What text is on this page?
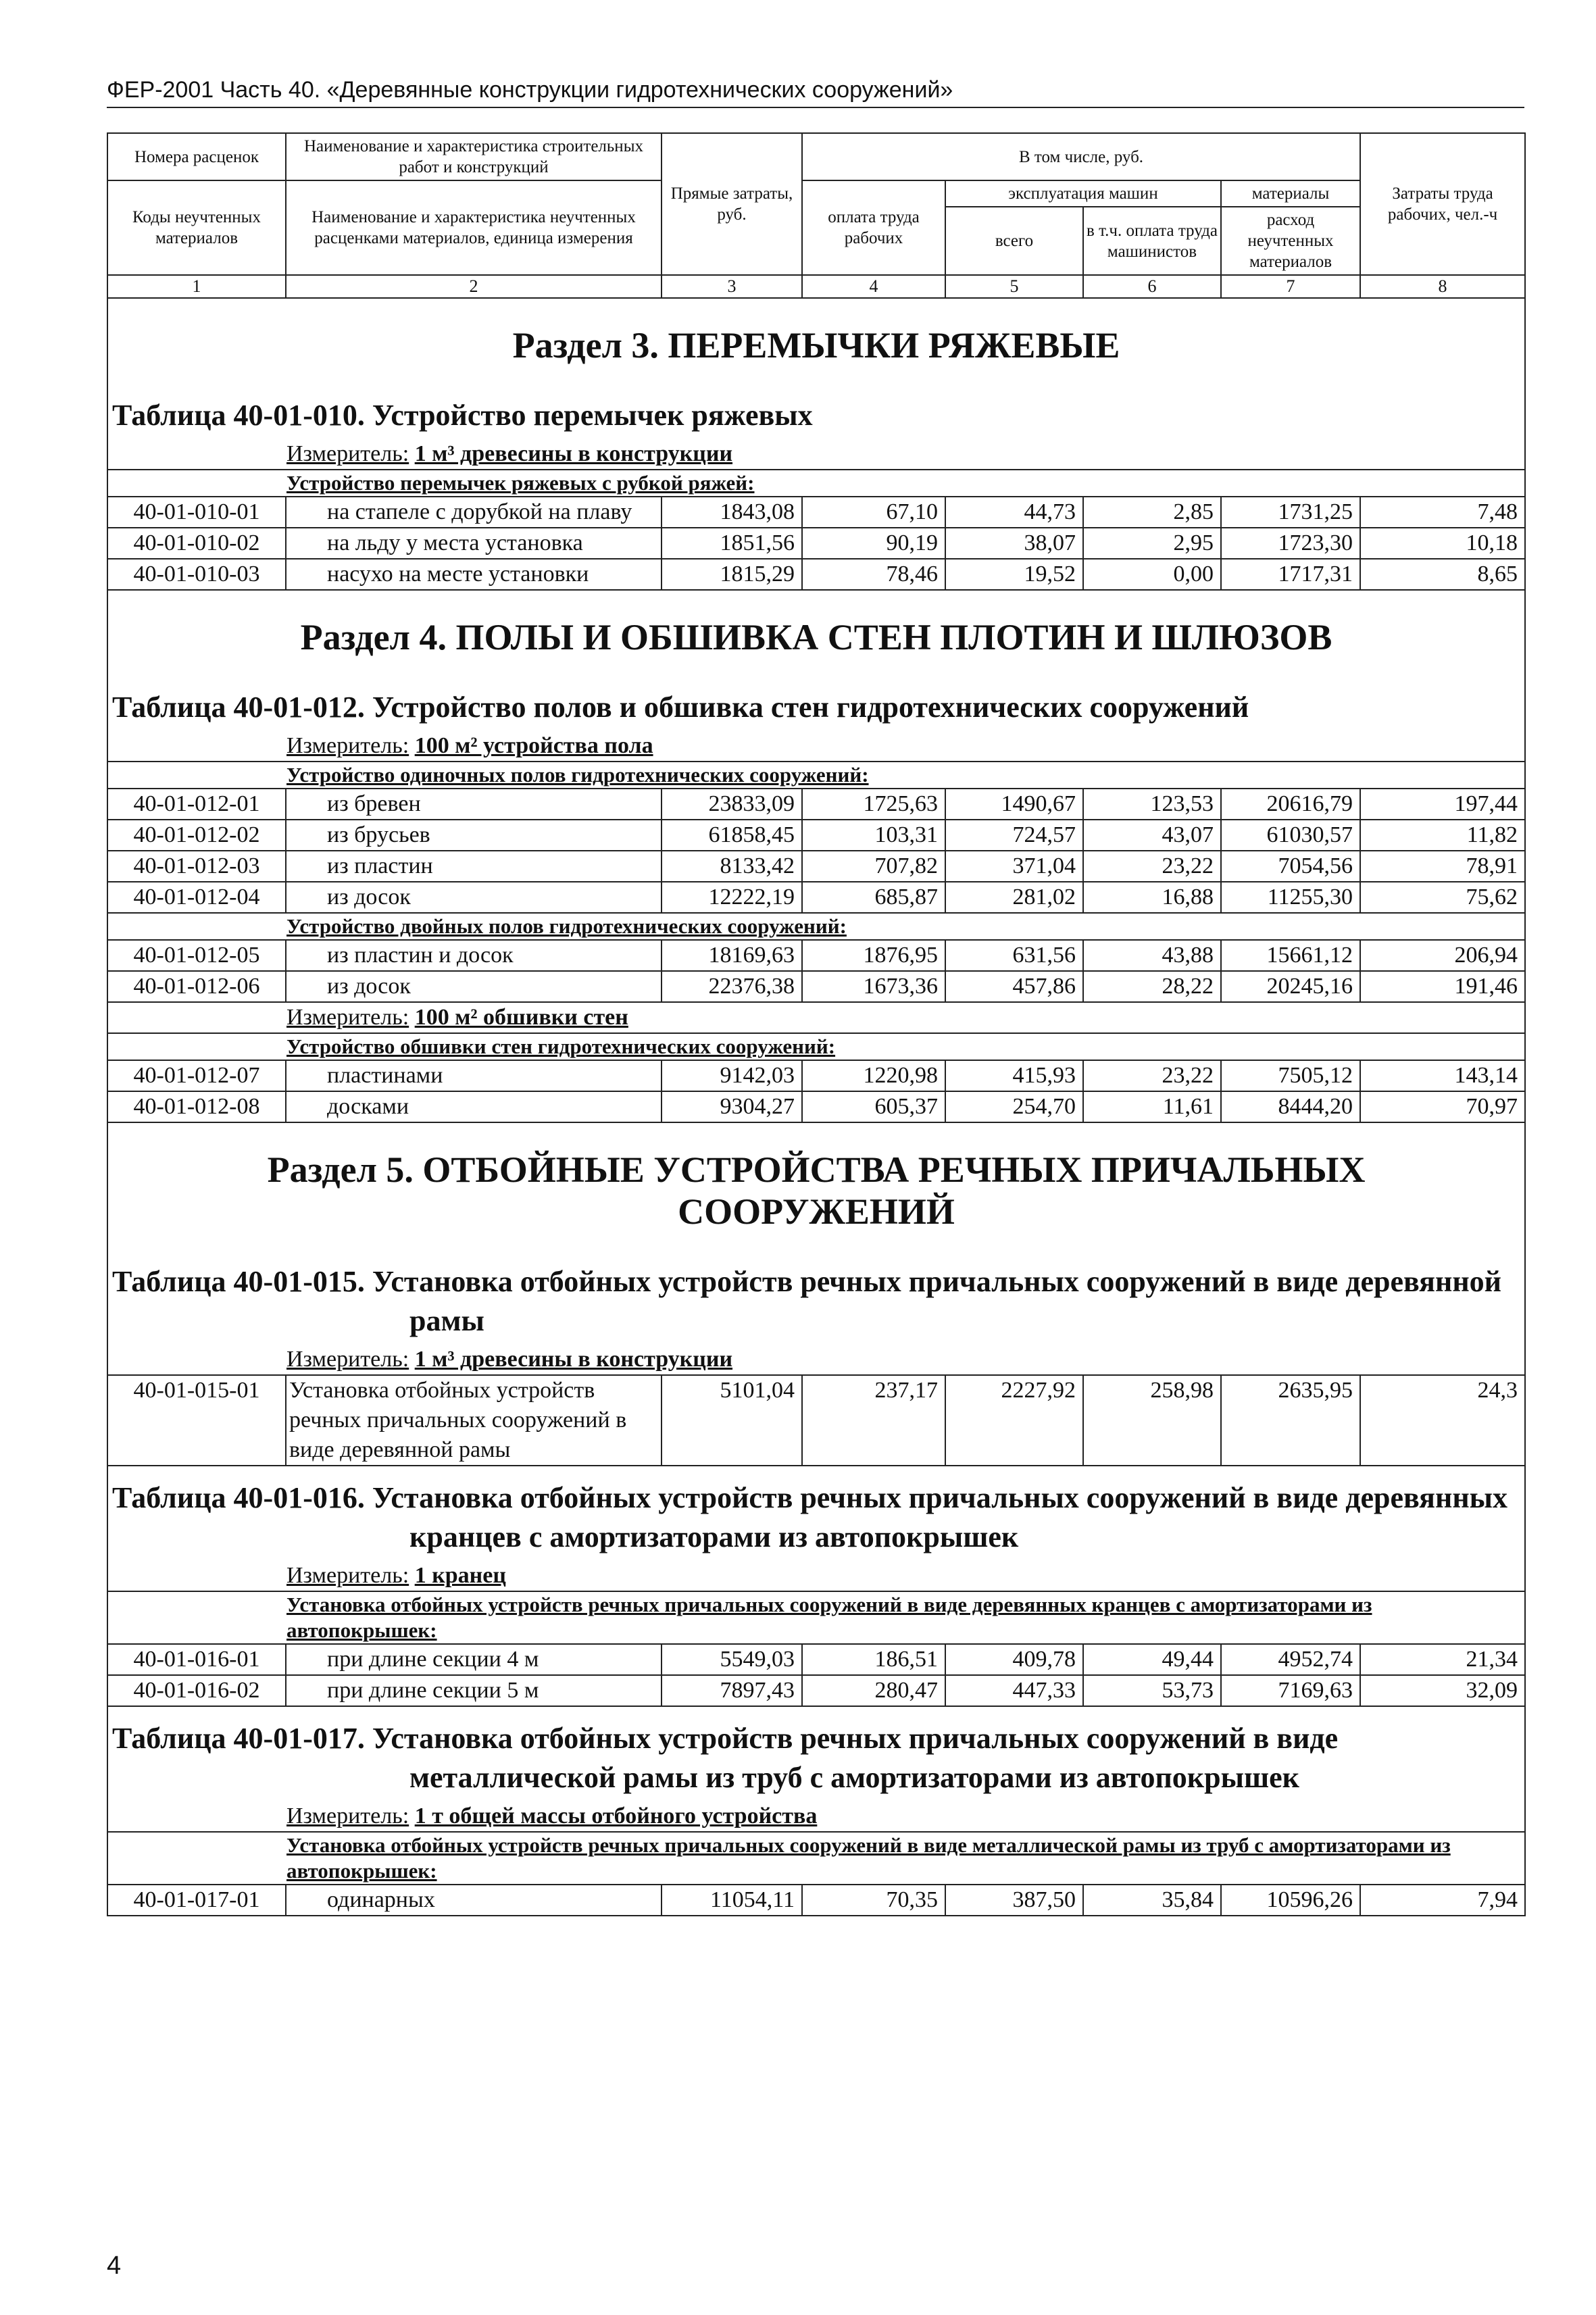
ФЕР-2001 Часть 40. «Деревянные конструкции гидротехнических сооружений»
Номера расценок	Наименование и характеристика строительных работ и конструкций	Прямые затраты, руб.	В том числе, руб.				Затраты труда рабочих, чел.-ч
Коды неучтенных материалов	Наименование и характеристика неучтенных расценками материалов, единица измерения		оплата труда рабочих	эксплуатация машин		материалы	
				всего	в т.ч. оплата труда машинистов	расход неучтенных материалов	
1	2	3	4	5	6	7	8
Раздел 3. ПЕРЕМЫЧКИ РЯЖЕВЫЕ							

Таблица 40-01-010. Устройство перемычек ряжевых							

Измеритель: 1 м³ древесины в конструкции							
Устройство перемычек ряжевых с рубкой ряжей:							
40-01-010-01	на стапеле с дорубкой на плаву	1843,08	67,10	44,73	2,85	1731,25	7,48
40-01-010-02	на льду у места установка	1851,56	90,19	38,07	2,95	1723,30	10,18
40-01-010-03	насухо на месте установки	1815,29	78,46	19,52	0,00	1717,31	8,65
Раздел 4. ПОЛЫ И ОБШИВКА СТЕН ПЛОТИН И ШЛЮЗОВ							

Таблица 40-01-012. Устройство полов и обшивка стен гидротехнических сооружений							

Измеритель: 100 м² устройства пола							
Устройство одиночных полов гидротехнических сооружений:							
40-01-012-01	из бревен	23833,09	1725,63	1490,67	123,53	20616,79	197,44
40-01-012-02	из брусьев	61858,45	103,31	724,57	43,07	61030,57	11,82
40-01-012-03	из пластин	8133,42	707,82	371,04	23,22	7054,56	78,91
40-01-012-04	из досок	12222,19	685,87	281,02	16,88	11255,30	75,62
Устройство двойных полов гидротехнических сооружений:							
40-01-012-05	из пластин и досок	18169,63	1876,95	631,56	43,88	15661,12	206,94
40-01-012-06	из досок	22376,38	1673,36	457,86	28,22	20245,16	191,46
Измеритель: 100 м² обшивки стен							
Устройство обшивки стен гидротехнических сооружений:							
40-01-012-07	пластинами	9142,03	1220,98	415,93	23,22	7505,12	143,14
40-01-012-08	досками	9304,27	605,37	254,70	11,61	8444,20	70,97
Раздел 5. ОТБОЙНЫЕ УСТРОЙСТВА РЕЧНЫХ ПРИЧАЛЬНЫХ СООРУЖЕНИЙ							

Таблица 40-01-015. Установка отбойных устройств речных причальных сооружений в виде деревянной рамы							

Измеритель: 1 м³ древесины в конструкции							
40-01-015-01	Установка отбойных устройств речных причальных сооружений в виде деревянной рамы	5101,04	237,17	2227,92	258,98	2635,95	24,3

Таблица 40-01-016. Установка отбойных устройств речных причальных сооружений в виде деревянных кранцев с амортизаторами из автопокрышек							

Измеритель: 1 кранец							
Установка отбойных устройств речных причальных сооружений в виде деревянных кранцев с амортизаторами из автопокрышек:							
40-01-016-01	при длине секции 4 м	5549,03	186,51	409,78	49,44	4952,74	21,34
40-01-016-02	при длине секции 5 м	7897,43	280,47	447,33	53,73	7169,63	32,09

Таблица 40-01-017. Установка отбойных устройств речных причальных сооружений в виде металлической рамы из труб с амортизаторами из автопокрышек							

Измеритель: 1 т общей массы отбойного устройства							
Установка отбойных устройств речных причальных сооружений в виде металлической рамы из труб с амортизаторами из автопокрышек:							
40-01-017-01	одинарных	11054,11	70,35	387,50	35,84	10596,26	7,94
4
